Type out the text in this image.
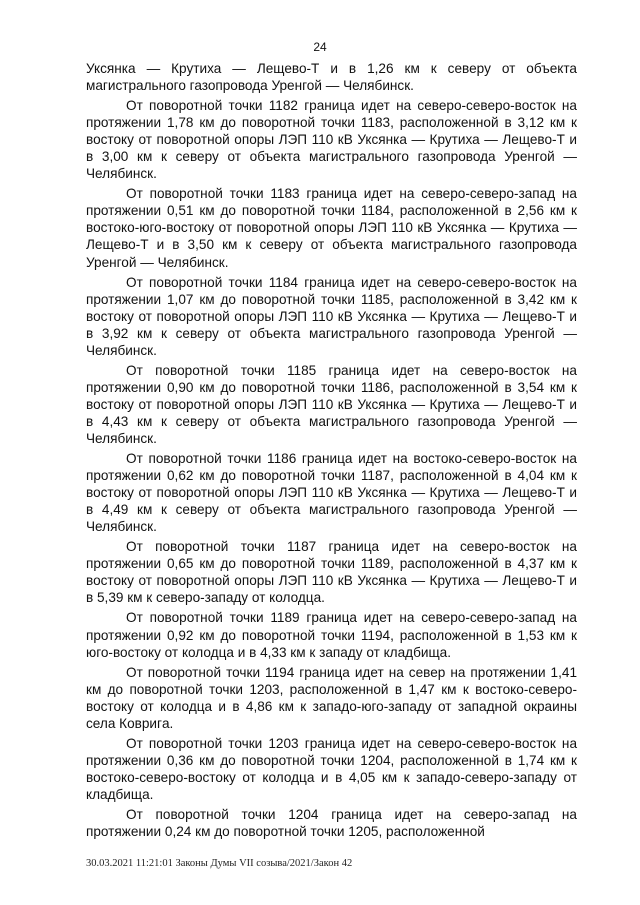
24

Уксянка — Крутиха — Лещево-Т и в 1,26 км к северу от объекта магистрального газопровода Уренгой — Челябинск.

От поворотной точки 1182 граница идет на северо-северо-восток на протяжении 1,78 км до поворотной точки 1183, расположенной в 3,12 км к востоку от поворотной опоры ЛЭП 110 кВ Уксянка — Крутиха — Лещево-Т и в 3,00 км к северу от объекта магистрального газопровода Уренгой — Челябинск.

От поворотной точки 1183 граница идет на северо-северо-запад на протяжении 0,51 км до поворотной точки 1184, расположенной в 2,56 км к востоко-юго-востоку от поворотной опоры ЛЭП 110 кВ Уксянка — Крутиха — Лещево-Т и в 3,50 км к северу от объекта магистрального газопровода Уренгой — Челябинск.

От поворотной точки 1184 граница идет на северо-северо-восток на протяжении 1,07 км до поворотной точки 1185, расположенной в 3,42 км к востоку от поворотной опоры ЛЭП 110 кВ Уксянка — Крутиха — Лещево-Т и в 3,92 км к северу от объекта магистрального газопровода Уренгой — Челябинск.

От поворотной точки 1185 граница идет на северо-восток на протяжении 0,90 км до поворотной точки 1186, расположенной в 3,54 км к востоку от поворотной опоры ЛЭП 110 кВ Уксянка — Крутиха — Лещево-Т и в 4,43 км к северу от объекта магистрального газопровода Уренгой — Челябинск.

От поворотной точки 1186 граница идет на востоко-северо-восток на протяжении 0,62 км до поворотной точки 1187, расположенной в 4,04 км к востоку от поворотной опоры ЛЭП 110 кВ Уксянка — Крутиха — Лещево-Т и в 4,49 км к северу от объекта магистрального газопровода Уренгой — Челябинск.

От поворотной точки 1187 граница идет на северо-восток на протяжении 0,65 км до поворотной точки 1189, расположенной в 4,37 км к востоку от поворотной опоры ЛЭП 110 кВ Уксянка — Крутиха — Лещево-Т и в 5,39 км к северо-западу от колодца.

От поворотной точки 1189 граница идет на северо-северо-запад на протяжении 0,92 км до поворотной точки 1194, расположенной в 1,53 км к юго-востоку от колодца и в 4,33 км к западу от кладбища.

От поворотной точки 1194 граница идет на север на протяжении 1,41 км до поворотной точки 1203, расположенной в 1,47 км к востоко-северо-востоку от колодца и в 4,86 км к западо-юго-западу от западной окраины села Ковригa.

От поворотной точки 1203 граница идет на северо-северо-восток на протяжении 0,36 км до поворотной точки 1204, расположенной в 1,74 км к востоко-северо-востоку от колодца и в 4,05 км к западо-северо-западу от кладбища.

От поворотной точки 1204 граница идет на северо-запад на протяжении 0,24 км до поворотной точки 1205, расположенной

30.03.2021 11:21:01 Законы Думы VII созыва/2021/Закон 42
